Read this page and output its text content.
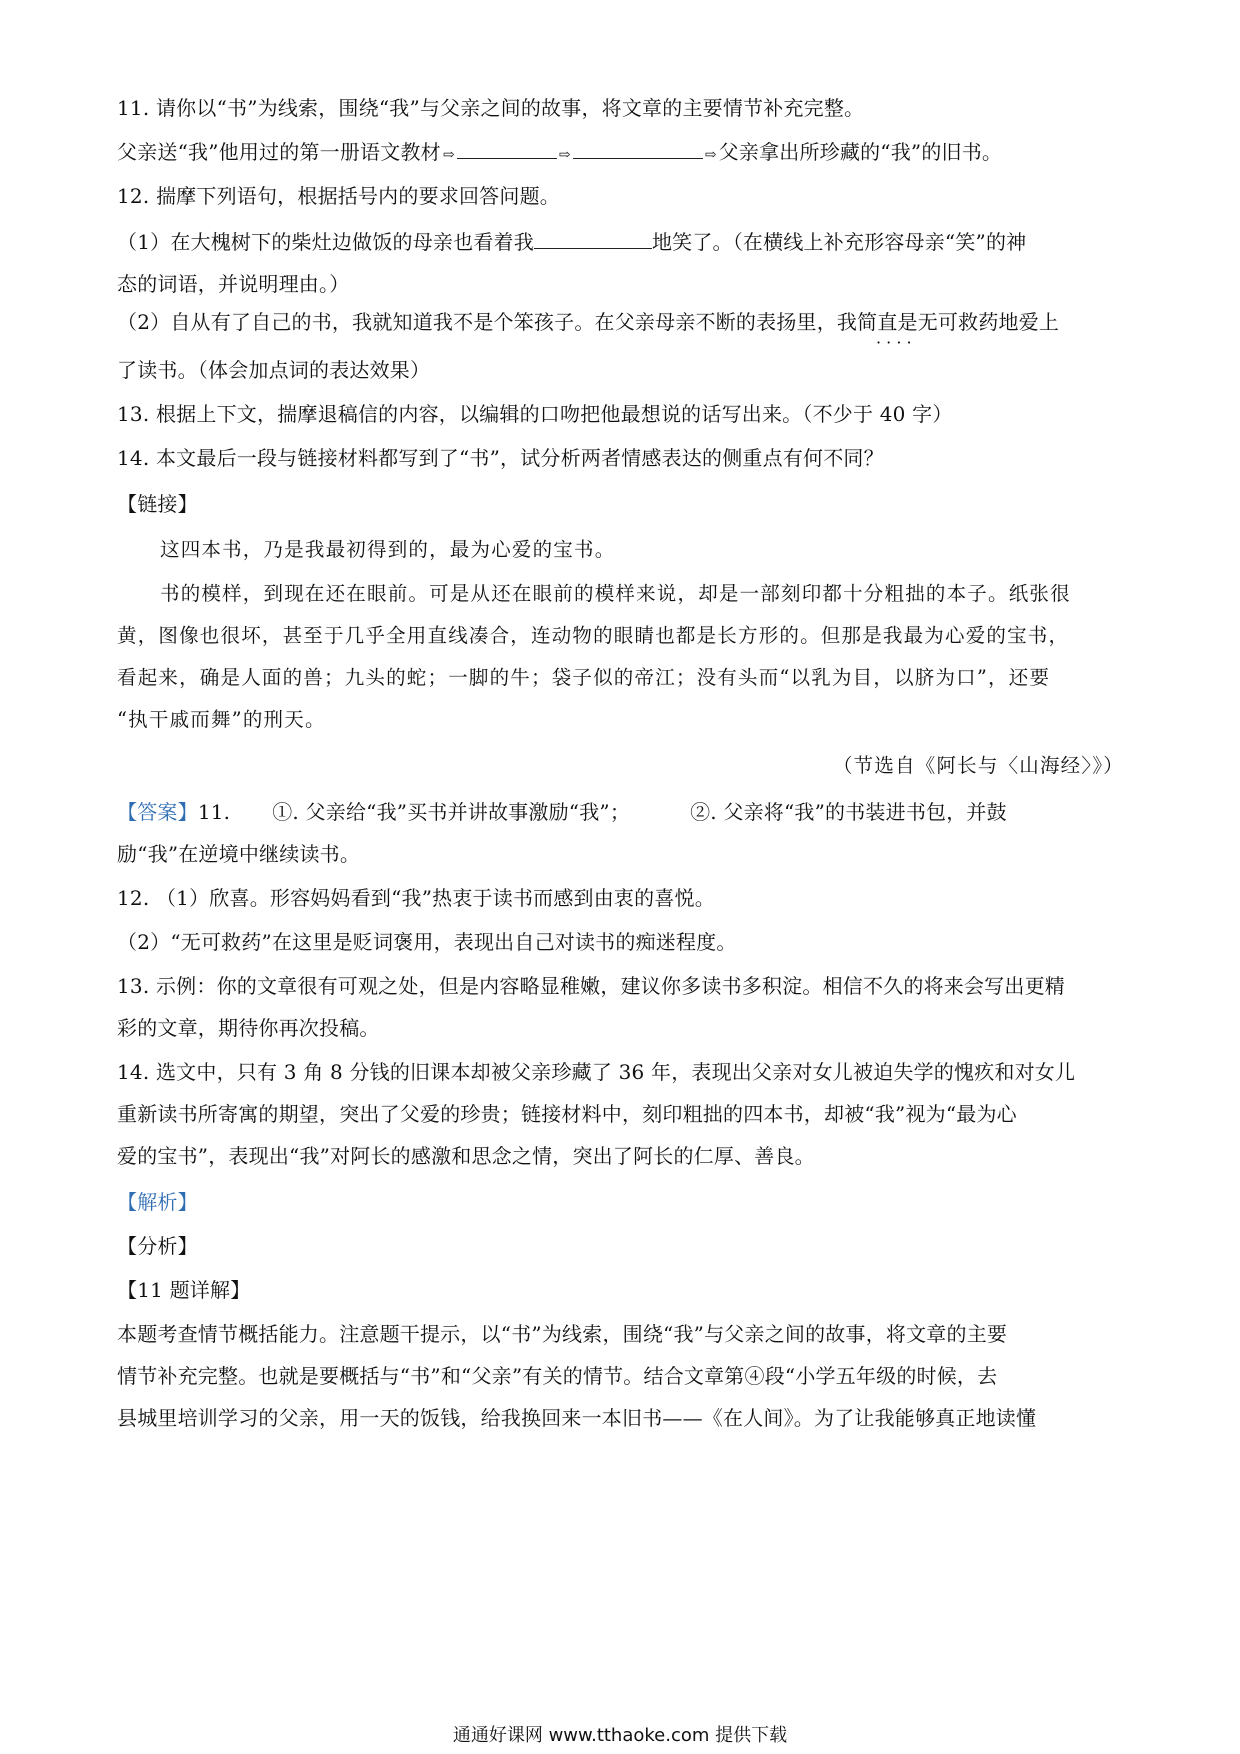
11. 请你以“书”为线索，围绕“我”与父亲之间的故事，将文章的主要情节补充完整。
父亲送“我”他用过的第一册语文教材 ⇨	⇨	⇨ 父亲拿出所珍藏的“我”的旧书。
12. 揣摩下列语句，根据括号内的要求回答问题。
（1）在大槐树下的柴灶边做饭的母亲也看着我	地笑了。（在横线上补充形容母亲“笑”的神
态的词语，并说明理由。）
（2）自从有了自己的书，我就知道我不是个笨孩子。在父亲母亲不断的表扬里，我简直是无可救药地爱上
· · · ·
了读书。（体会加点词的表达效果）
13. 根据上下文，揣摩退稿信的内容，以编辑的口吻把他最想说的话写出来。（不少于 40 字）
14. 本文最后一段与链接材料都写到了“书”，试分析两者情感表达的侧重点有何不同？
【链接】
这四本书，乃是我最初得到的，最为心爱的宝书。
书的模样，到现在还在眼前。可是从还在眼前的模样来说，却是一部刻印都十分粗拙的本子。纸张很
黄，图像也很坏，甚至于几乎全用直线凑合，连动物的眼睛也都是长方形的。但那是我最为心爱的宝书，
看起来，确是人面的兽；九头的蛇；一脚的牛；袋子似的帝江；没有头而“以乳为目，以脐为口”，还要
“执干戚而舞”的刑天。
（节选自《阿长与〈山海经〉》）
【答案】11. ①. 父亲给“我”买书并讲故事激励“我”；	②. 父亲将“我”的书装进书包，并鼓
励“我”在逆境中继续读书。
12. （1）欣喜。形容妈妈看到“我”热衷于读书而感到由衷的喜悦。
（2）“无可救药”在这里是贬词褒用，表现出自己对读书的痴迷程度。
13. 示例：你的文章很有可观之处，但是内容略显稚嫩，建议你多读书多积淀。相信不久的将来会写出更精
彩的文章，期待你再次投稿。
14. 选文中，只有 3 角 8 分钱的旧课本却被父亲珍藏了 36 年，表现出父亲对女儿被迫失学的愧疚和对女儿
重新读书所寄寓的期望，突出了父爱的珍贵；链接材料中，刻印粗拙的四本书，却被“我”视为“最为心
爱的宝书”，表现出“我”对阿长的感激和思念之情，突出了阿长的仁厚、善良。
【解析】
【分析】
【11 题详解】
本题考查情节概括能力。注意题干提示，以“书”为线索，围绕“我”与父亲之间的故事，将文章的主要
情节补充完整。也就是要概括与“书”和“父亲”有关的情节。结合文章第④段“小学五年级的时候，去
县城里培训学习的父亲，用一天的饭钱，给我换回来一本旧书——《在人间》。为了让我能够真正地读懂
通通好课网 www.tthaoke.com 提供下载
